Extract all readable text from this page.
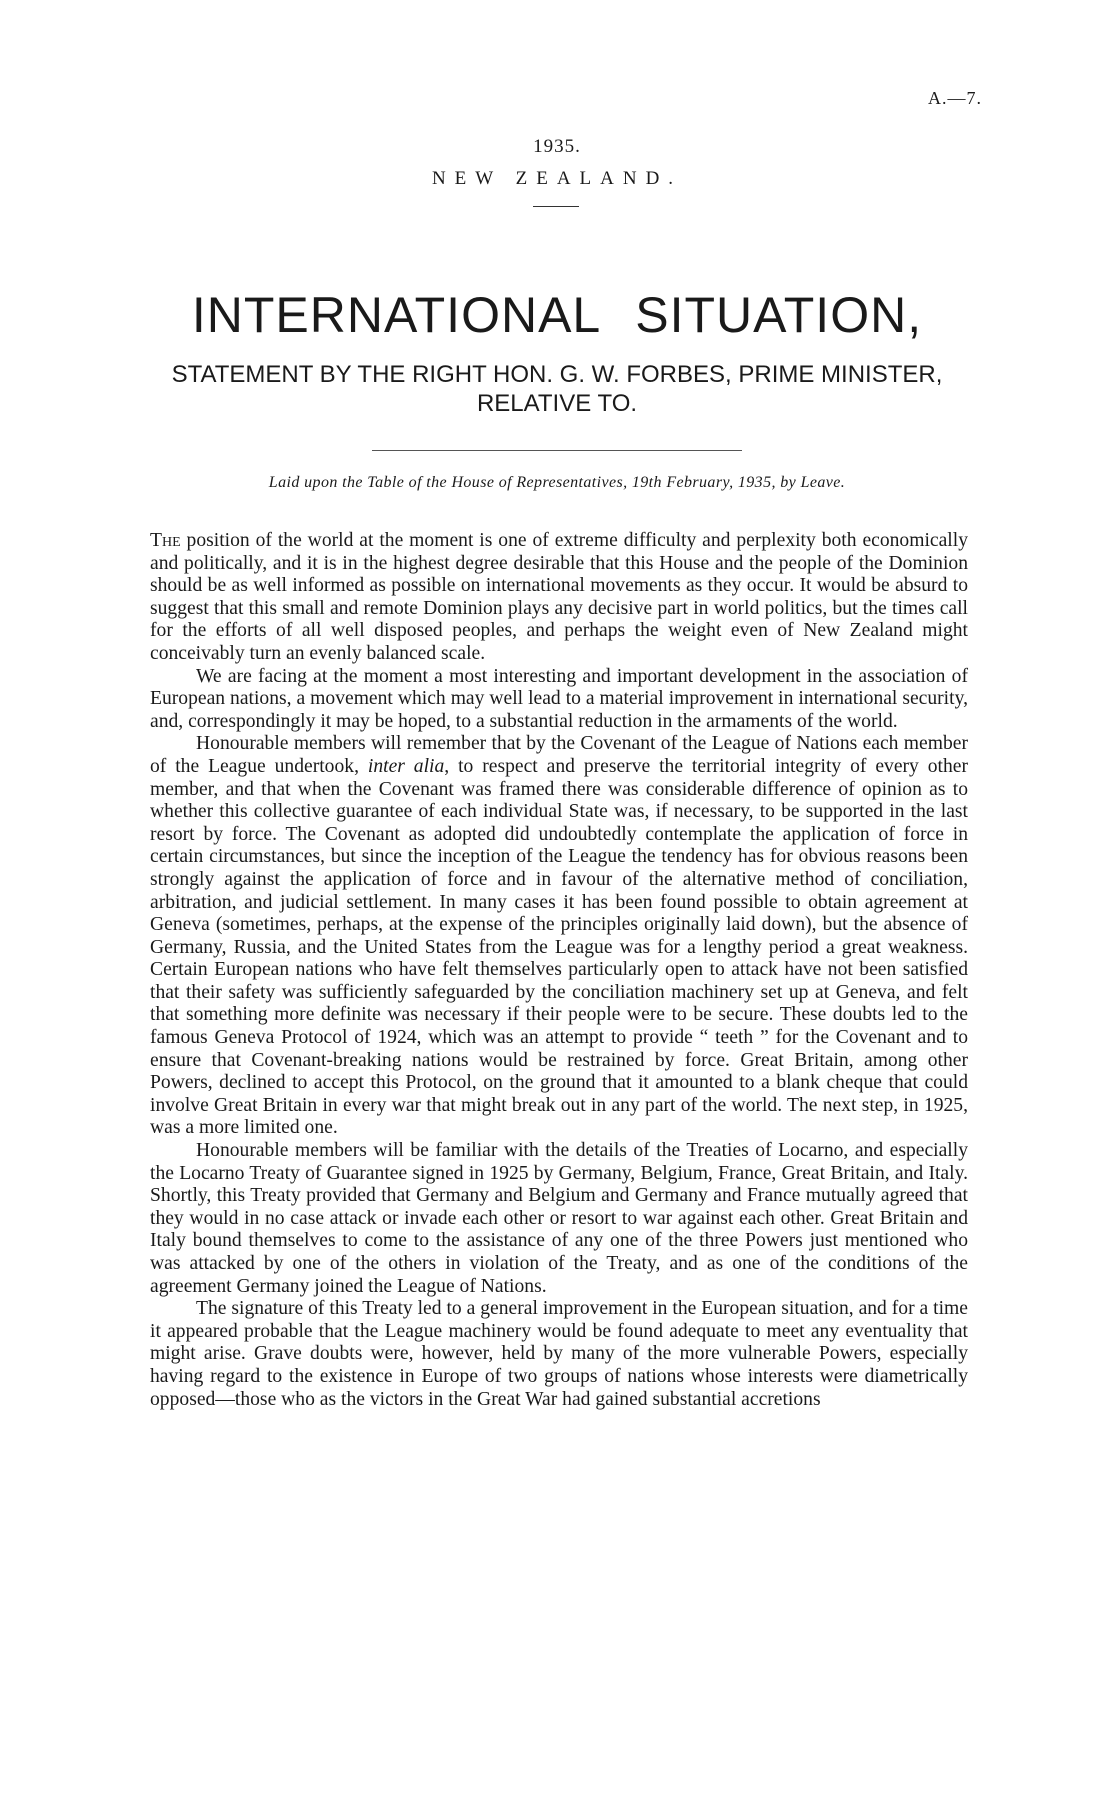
A.—7.
1935.
NEW ZEALAND.
INTERNATIONAL SITUATION,
STATEMENT BY THE RIGHT HON. G. W. FORBES, PRIME MINISTER,
RELATIVE TO.
Laid upon the Table of the House of Representatives, 19th February, 1935, by Leave.

The position of the world at the moment is one of extreme difficulty and perplexity both economically and politically, and it is in the highest degree desirable that this House and the people of the Dominion should be as well informed as possible on international movements as they occur. It would be absurd to suggest that this small and remote Dominion plays any decisive part in world politics, but the times call for the efforts of all well disposed peoples, and perhaps the weight even of New Zealand might conceivably turn an evenly balanced scale.

We are facing at the moment a most interesting and important development in the association of European nations, a movement which may well lead to a material improvement in international security, and, correspondingly it may be hoped, to a substantial reduction in the armaments of the world.

Honourable members will remember that by the Covenant of the League of Nations each member of the League undertook, inter alia, to respect and preserve the territorial integrity of every other member, and that when the Covenant was framed there was considerable difference of opinion as to whether this collective guarantee of each individual State was, if necessary, to be supported in the last resort by force. The Covenant as adopted did undoubtedly contemplate the application of force in certain circumstances, but since the inception of the League the tendency has for obvious reasons been strongly against the application of force and in favour of the alternative method of conciliation, arbitration, and judicial settlement. In many cases it has been found possible to obtain agreement at Geneva (sometimes, perhaps, at the expense of the principles originally laid down), but the absence of Germany, Russia, and the United States from the League was for a lengthy period a great weakness. Certain European nations who have felt themselves particularly open to attack have not been satisfied that their safety was sufficiently safeguarded by the conciliation machinery set up at Geneva, and felt that something more definite was necessary if their people were to be secure. These doubts led to the famous Geneva Protocol of 1924, which was an attempt to provide “ teeth ” for the Covenant and to ensure that Covenant-breaking nations would be restrained by force. Great Britain, among other Powers, declined to accept this Protocol, on the ground that it amounted to a blank cheque that could involve Great Britain in every war that might break out in any part of the world. The next step, in 1925, was a more limited one.

Honourable members will be familiar with the details of the Treaties of Locarno, and especially the Locarno Treaty of Guarantee signed in 1925 by Germany, Belgium, France, Great Britain, and Italy. Shortly, this Treaty provided that Germany and Belgium and Germany and France mutually agreed that they would in no case attack or invade each other or resort to war against each other. Great Britain and Italy bound themselves to come to the assistance of any one of the three Powers just mentioned who was attacked by one of the others in violation of the Treaty, and as one of the conditions of the agreement Germany joined the League of Nations.

The signature of this Treaty led to a general improvement in the European situation, and for a time it appeared probable that the League machinery would be found adequate to meet any eventuality that might arise. Grave doubts were, however, held by many of the more vulnerable Powers, especially having regard to the existence in Europe of two groups of nations whose interests were diametrically opposed—those who as the victors in the Great War had gained substantial accretions
